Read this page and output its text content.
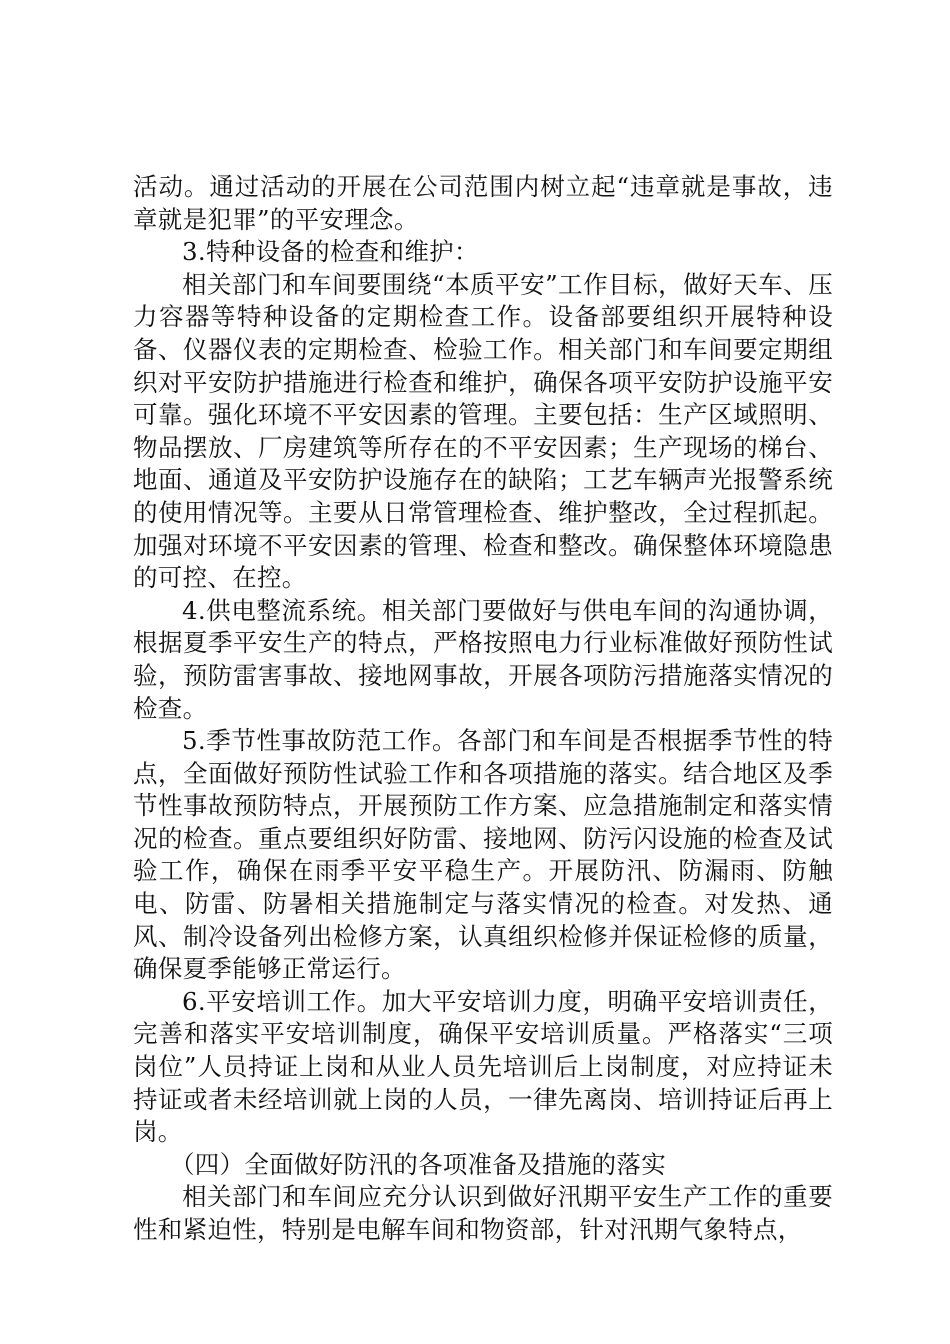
活动。通过活动的开展在公司范围内树立起“违章就是事故，违章就是犯罪”的平安理念。

3.特种设备的检查和维护：

相关部门和车间要围绕“本质平安”工作目标，做好天车、压力容器等特种设备的定期检查工作。设备部要组织开展特种设备、仪器仪表的定期检查、检验工作。相关部门和车间要定期组织对平安防护措施进行检查和维护，确保各项平安防护设施平安可靠。强化环境不平安因素的管理。主要包括：生产区域照明、物品摆放、厂房建筑等所存在的不平安因素；生产现场的梯台、地面、通道及平安防护设施存在的缺陷；工艺车辆声光报警系统的使用情况等。主要从日常管理检查、维护整改，全过程抓起。加强对环境不平安因素的管理、检查和整改。确保整体环境隐患的可控、在控。

4.供电整流系统。相关部门要做好与供电车间的沟通协调，根据夏季平安生产的特点，严格按照电力行业标准做好预防性试验，预防雷害事故、接地网事故，开展各项防污措施落实情况的检查。

5.季节性事故防范工作。各部门和车间是否根据季节性的特点，全面做好预防性试验工作和各项措施的落实。结合地区及季节性事故预防特点，开展预防工作方案、应急措施制定和落实情况的检查。重点要组织好防雷、接地网、防污闪设施的检查及试验工作，确保在雨季平安平稳生产。开展防汛、防漏雨、防触电、防雷、防暑相关措施制定与落实情况的检查。对发热、通风、制冷设备列出检修方案，认真组织检修并保证检修的质量，确保夏季能够正常运行。

6.平安培训工作。加大平安培训力度，明确平安培训责任，完善和落实平安培训制度，确保平安培训质量。严格落实“三项岗位”人员持证上岗和从业人员先培训后上岗制度，对应持证未持证或者未经培训就上岗的人员，一律先离岗、培训持证后再上岗。

（四）全面做好防汛的各项准备及措施的落实

相关部门和车间应充分认识到做好汛期平安生产工作的重要性和紧迫性，特别是电解车间和物资部，针对汛期气象特点，
